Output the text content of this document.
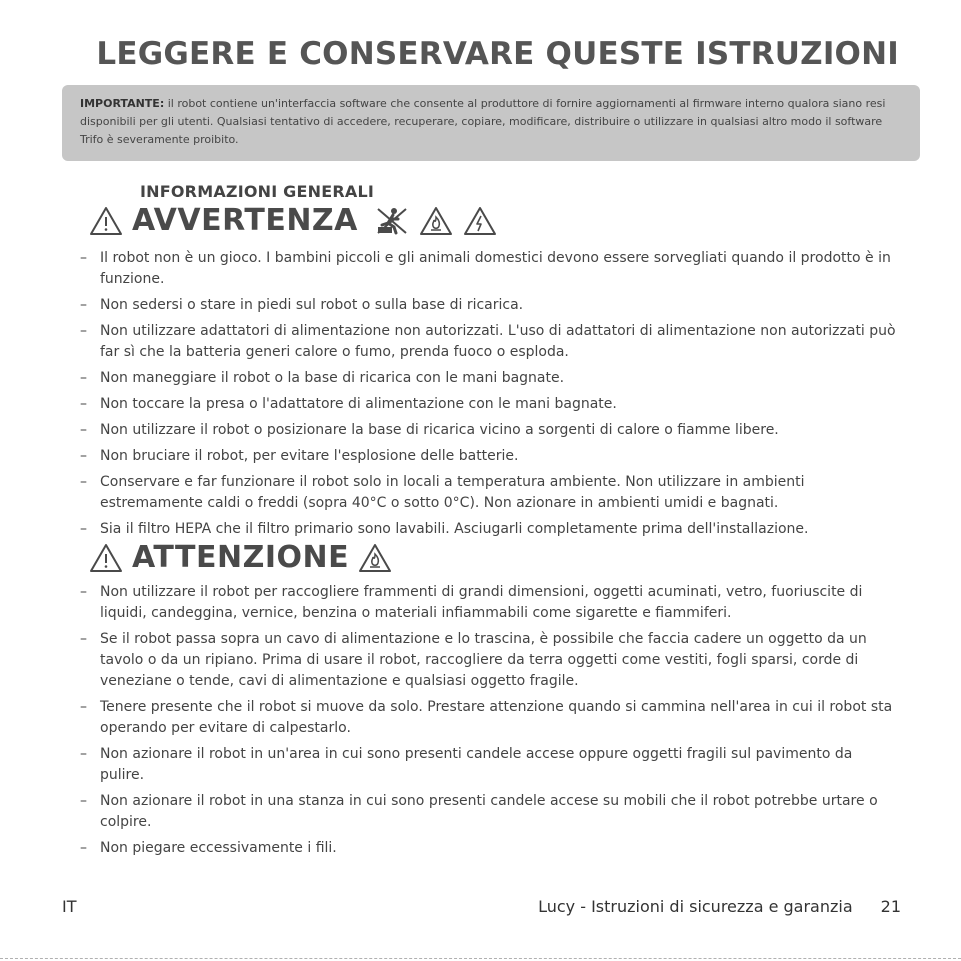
LEGGERE E CONSERVARE QUESTE ISTRUZIONI
IMPORTANTE: il robot contiene un'interfaccia software che consente al produttore di fornire aggiornamenti al firmware interno qualora siano resi disponibili per gli utenti. Qualsiasi tentativo di accedere, recuperare, copiare, modificare, distribuire o utilizzare in qualsiasi altro modo il software Trifo è severamente proibito.
INFORMAZIONI GENERALI
AVVERTENZA
– Il robot non è un gioco. I bambini piccoli e gli animali domestici devono essere sorvegliati quando il prodotto è in funzione.
– Non sedersi o stare in piedi sul robot o sulla base di ricarica.
– Non utilizzare adattatori di alimentazione non autorizzati. L'uso di adattatori di alimentazione non autorizzati può far sì che la batteria generi calore o fumo, prenda fuoco o esploda.
– Non maneggiare il robot o la base di ricarica con le mani bagnate.
– Non toccare la presa o l'adattatore di alimentazione con le mani bagnate.
– Non utilizzare il robot o posizionare la base di ricarica vicino a sorgenti di calore o fiamme libere.
– Non bruciare il robot, per evitare l'esplosione delle batterie.
– Conservare e far funzionare il robot solo in locali a temperatura ambiente. Non utilizzare in ambienti estremamente caldi o freddi (sopra 40°C o sotto 0°C). Non azionare in ambienti umidi e bagnati.
– Sia il filtro HEPA che il filtro primario sono lavabili. Asciugarli completamente prima dell'installazione.
ATTENZIONE
– Non utilizzare il robot per raccogliere frammenti di grandi dimensioni, oggetti acuminati, vetro, fuoriuscite di liquidi, candeggina, vernice, benzina o materiali infiammabili come sigarette e fiammiferi.
– Se il robot passa sopra un cavo di alimentazione e lo trascina, è possibile che faccia cadere un oggetto da un tavolo o da un ripiano. Prima di usare il robot, raccogliere da terra oggetti come vestiti, fogli sparsi, corde di veneziane o tende, cavi di alimentazione e qualsiasi oggetto fragile.
– Tenere presente che il robot si muove da solo. Prestare attenzione quando si cammina nell'area in cui il robot sta operando per evitare di calpestarlo.
– Non azionare il robot in un'area in cui sono presenti candele accese oppure oggetti fragili sul pavimento da pulire.
– Non azionare il robot in una stanza in cui sono presenti candele accese su mobili che il robot potrebbe urtare o colpire.
– Non piegare eccessivamente i fili.
IT	Lucy - Istruzioni di sicurezza e garanzia 21
